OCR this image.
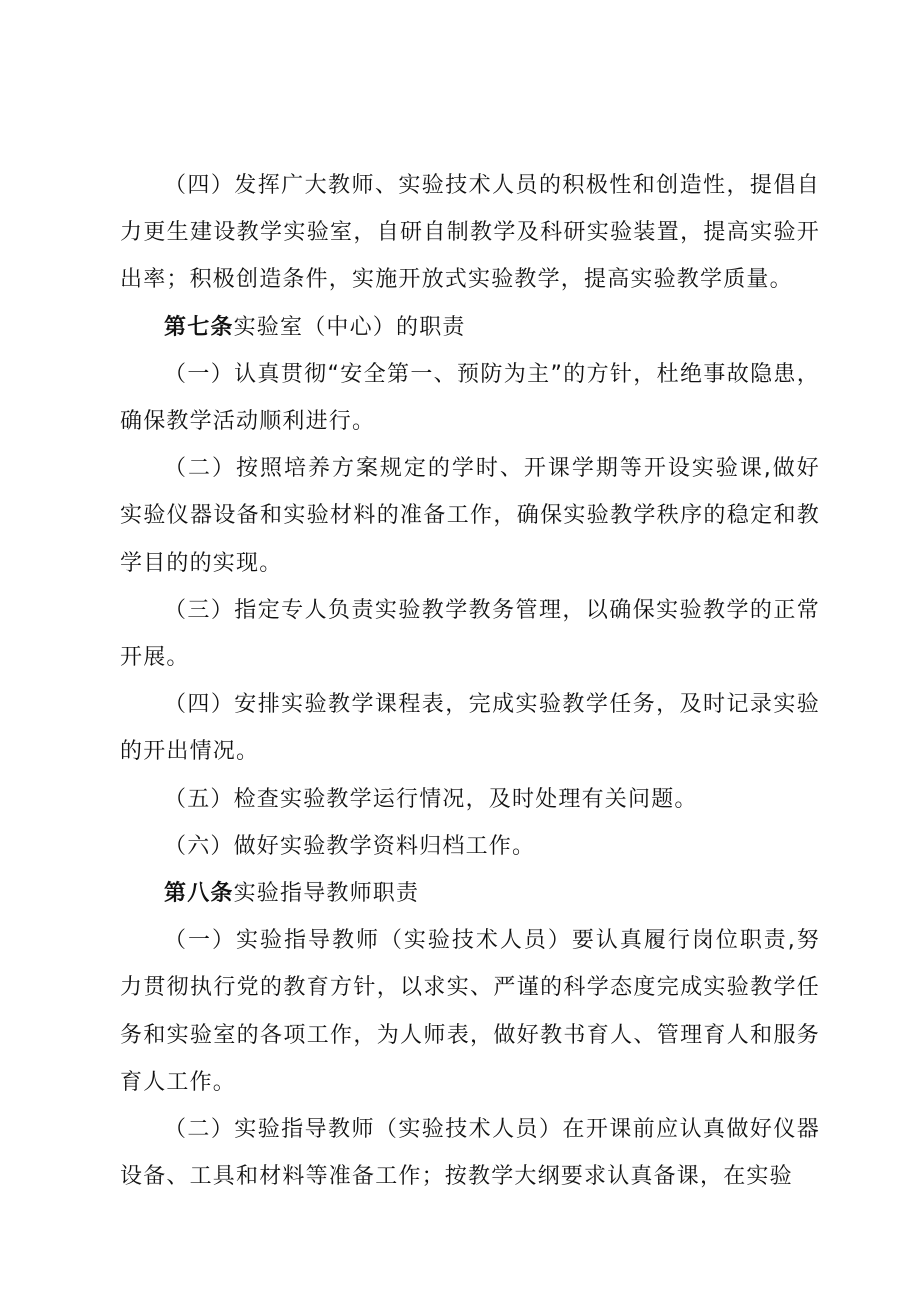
（四）发挥广大教师、实验技术人员的积极性和创造性，提倡自力更生建设教学实验室，自研自制教学及科研实验装置，提高实验开出率；积极创造条件，实施开放式实验教学，提高实验教学质量。

第七条实验室（中心）的职责

（一）认真贯彻“安全第一、预防为主”的方针，杜绝事故隐患，确保教学活动顺利进行。

（二）按照培养方案规定的学时、开课学期等开设实验课,做好实验仪器设备和实验材料的准备工作，确保实验教学秩序的稳定和教学目的的实现。

（三）指定专人负责实验教学教务管理，以确保实验教学的正常开展。

（四）安排实验教学课程表，完成实验教学任务，及时记录实验的开出情况。

（五）检查实验教学运行情况，及时处理有关问题。

（六）做好实验教学资料归档工作。

第八条实验指导教师职责

（一）实验指导教师（实验技术人员）要认真履行岗位职责,努力贯彻执行党的教育方针，以求实、严谨的科学态度完成实验教学任务和实验室的各项工作，为人师表，做好教书育人、管理育人和服务育人工作。

（二）实验指导教师（实验技术人员）在开课前应认真做好仪器设备、工具和材料等准备工作；按教学大纲要求认真备课，在实验
